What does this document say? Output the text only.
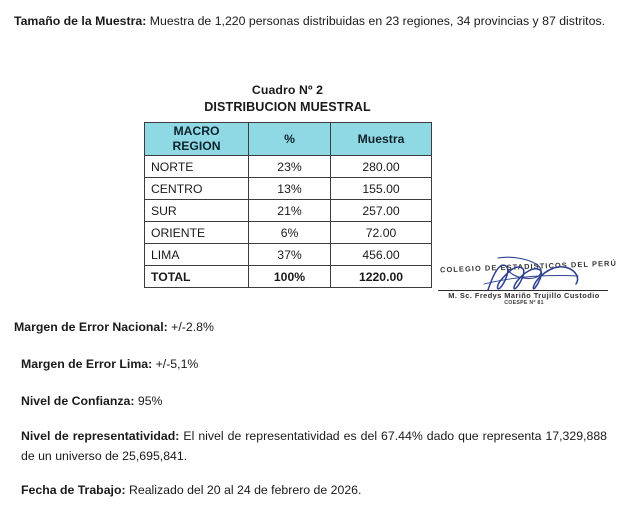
Tamaño de la Muestra: Muestra de 1,220 personas distribuidas en 23 regiones, 34 provincias y 87 distritos.
Cuadro Nº 2
DISTRIBUCION MUESTRAL
MACRO
REGION	%	Muestra
NORTE	23%	280.00
CENTRO	13%	155.00
SUR	21%	257.00
ORIENTE	6%	72.00
LIMA	37%	456.00
TOTAL	100%	1220.00
COLEGIO DE ESTADISTICOS DEL PERÚ
M. Sc. Fredys Mariño Trujillo Custodio
COESPE Nº 81
Margen de Error Nacional: +/-2.8%
Margen de Error Lima: +/-5,1%
Nivel de Confianza: 95%
Nivel de representatividad: El nivel de representatividad es del 67.44% dado que representa 17,329,888 de un universo de 25,695,841.
Fecha de Trabajo: Realizado del 20 al 24 de febrero de 2026.
